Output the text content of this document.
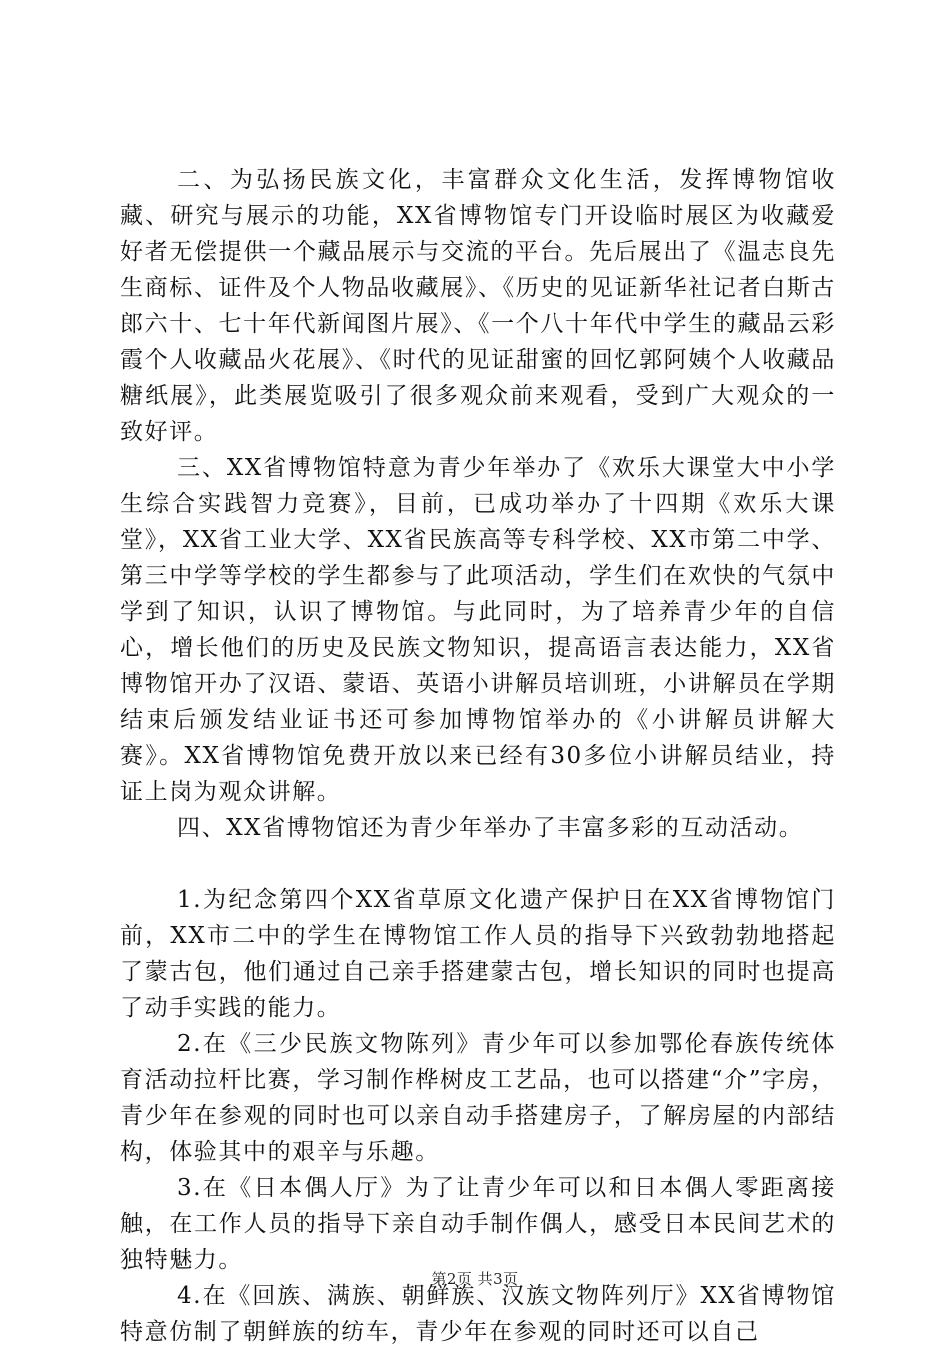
二、为弘扬民族文化，丰富群众文化生活，发挥博物馆收藏、研究与展示的功能，XX省博物馆专门开设临时展区为收藏爱好者无偿提供一个藏品展示与交流的平台。先后展出了《温志良先生商标、证件及个人物品收藏展》、《历史的见证新华社记者白斯古郎六十、七十年代新闻图片展》、《一个八十年代中学生的藏品云彩霞个人收藏品火花展》、《时代的见证甜蜜的回忆郭阿姨个人收藏品糖纸展》，此类展览吸引了很多观众前来观看，受到广大观众的一致好评。

三、XX省博物馆特意为青少年举办了《欢乐大课堂大中小学生综合实践智力竞赛》，目前，已成功举办了十四期《欢乐大课堂》，XX省工业大学、XX省民族高等专科学校、XX市第二中学、第三中学等学校的学生都参与了此项活动，学生们在欢快的气氛中学到了知识，认识了博物馆。与此同时，为了培养青少年的自信心，增长他们的历史及民族文物知识，提高语言表达能力，XX省博物馆开办了汉语、蒙语、英语小讲解员培训班，小讲解员在学期结束后颁发结业证书还可参加博物馆举办的《小讲解员讲解大赛》。XX省博物馆免费开放以来已经有30多位小讲解员结业，持证上岗为观众讲解。

四、XX省博物馆还为青少年举办了丰富多彩的互动活动。

1.为纪念第四个XX省草原文化遗产保护日在XX省博物馆门前，XX市二中的学生在博物馆工作人员的指导下兴致勃勃地搭起了蒙古包，他们通过自己亲手搭建蒙古包，增长知识的同时也提高了动手实践的能力。

2.在《三少民族文物陈列》青少年可以参加鄂伦春族传统体育活动拉杆比赛，学习制作桦树皮工艺品，也可以搭建“介”字房，青少年在参观的同时也可以亲自动手搭建房子，了解房屋的内部结构，体验其中的艰辛与乐趣。

3.在《日本偶人厅》为了让青少年可以和日本偶人零距离接触，在工作人员的指导下亲自动手制作偶人，感受日本民间艺术的独特魅力。

4.在《回族、满族、朝鲜族、汉族文物阵列厅》XX省博物馆特意仿制了朝鲜族的纺车，青少年在参观的同时还可以自己

第2页 共3页
